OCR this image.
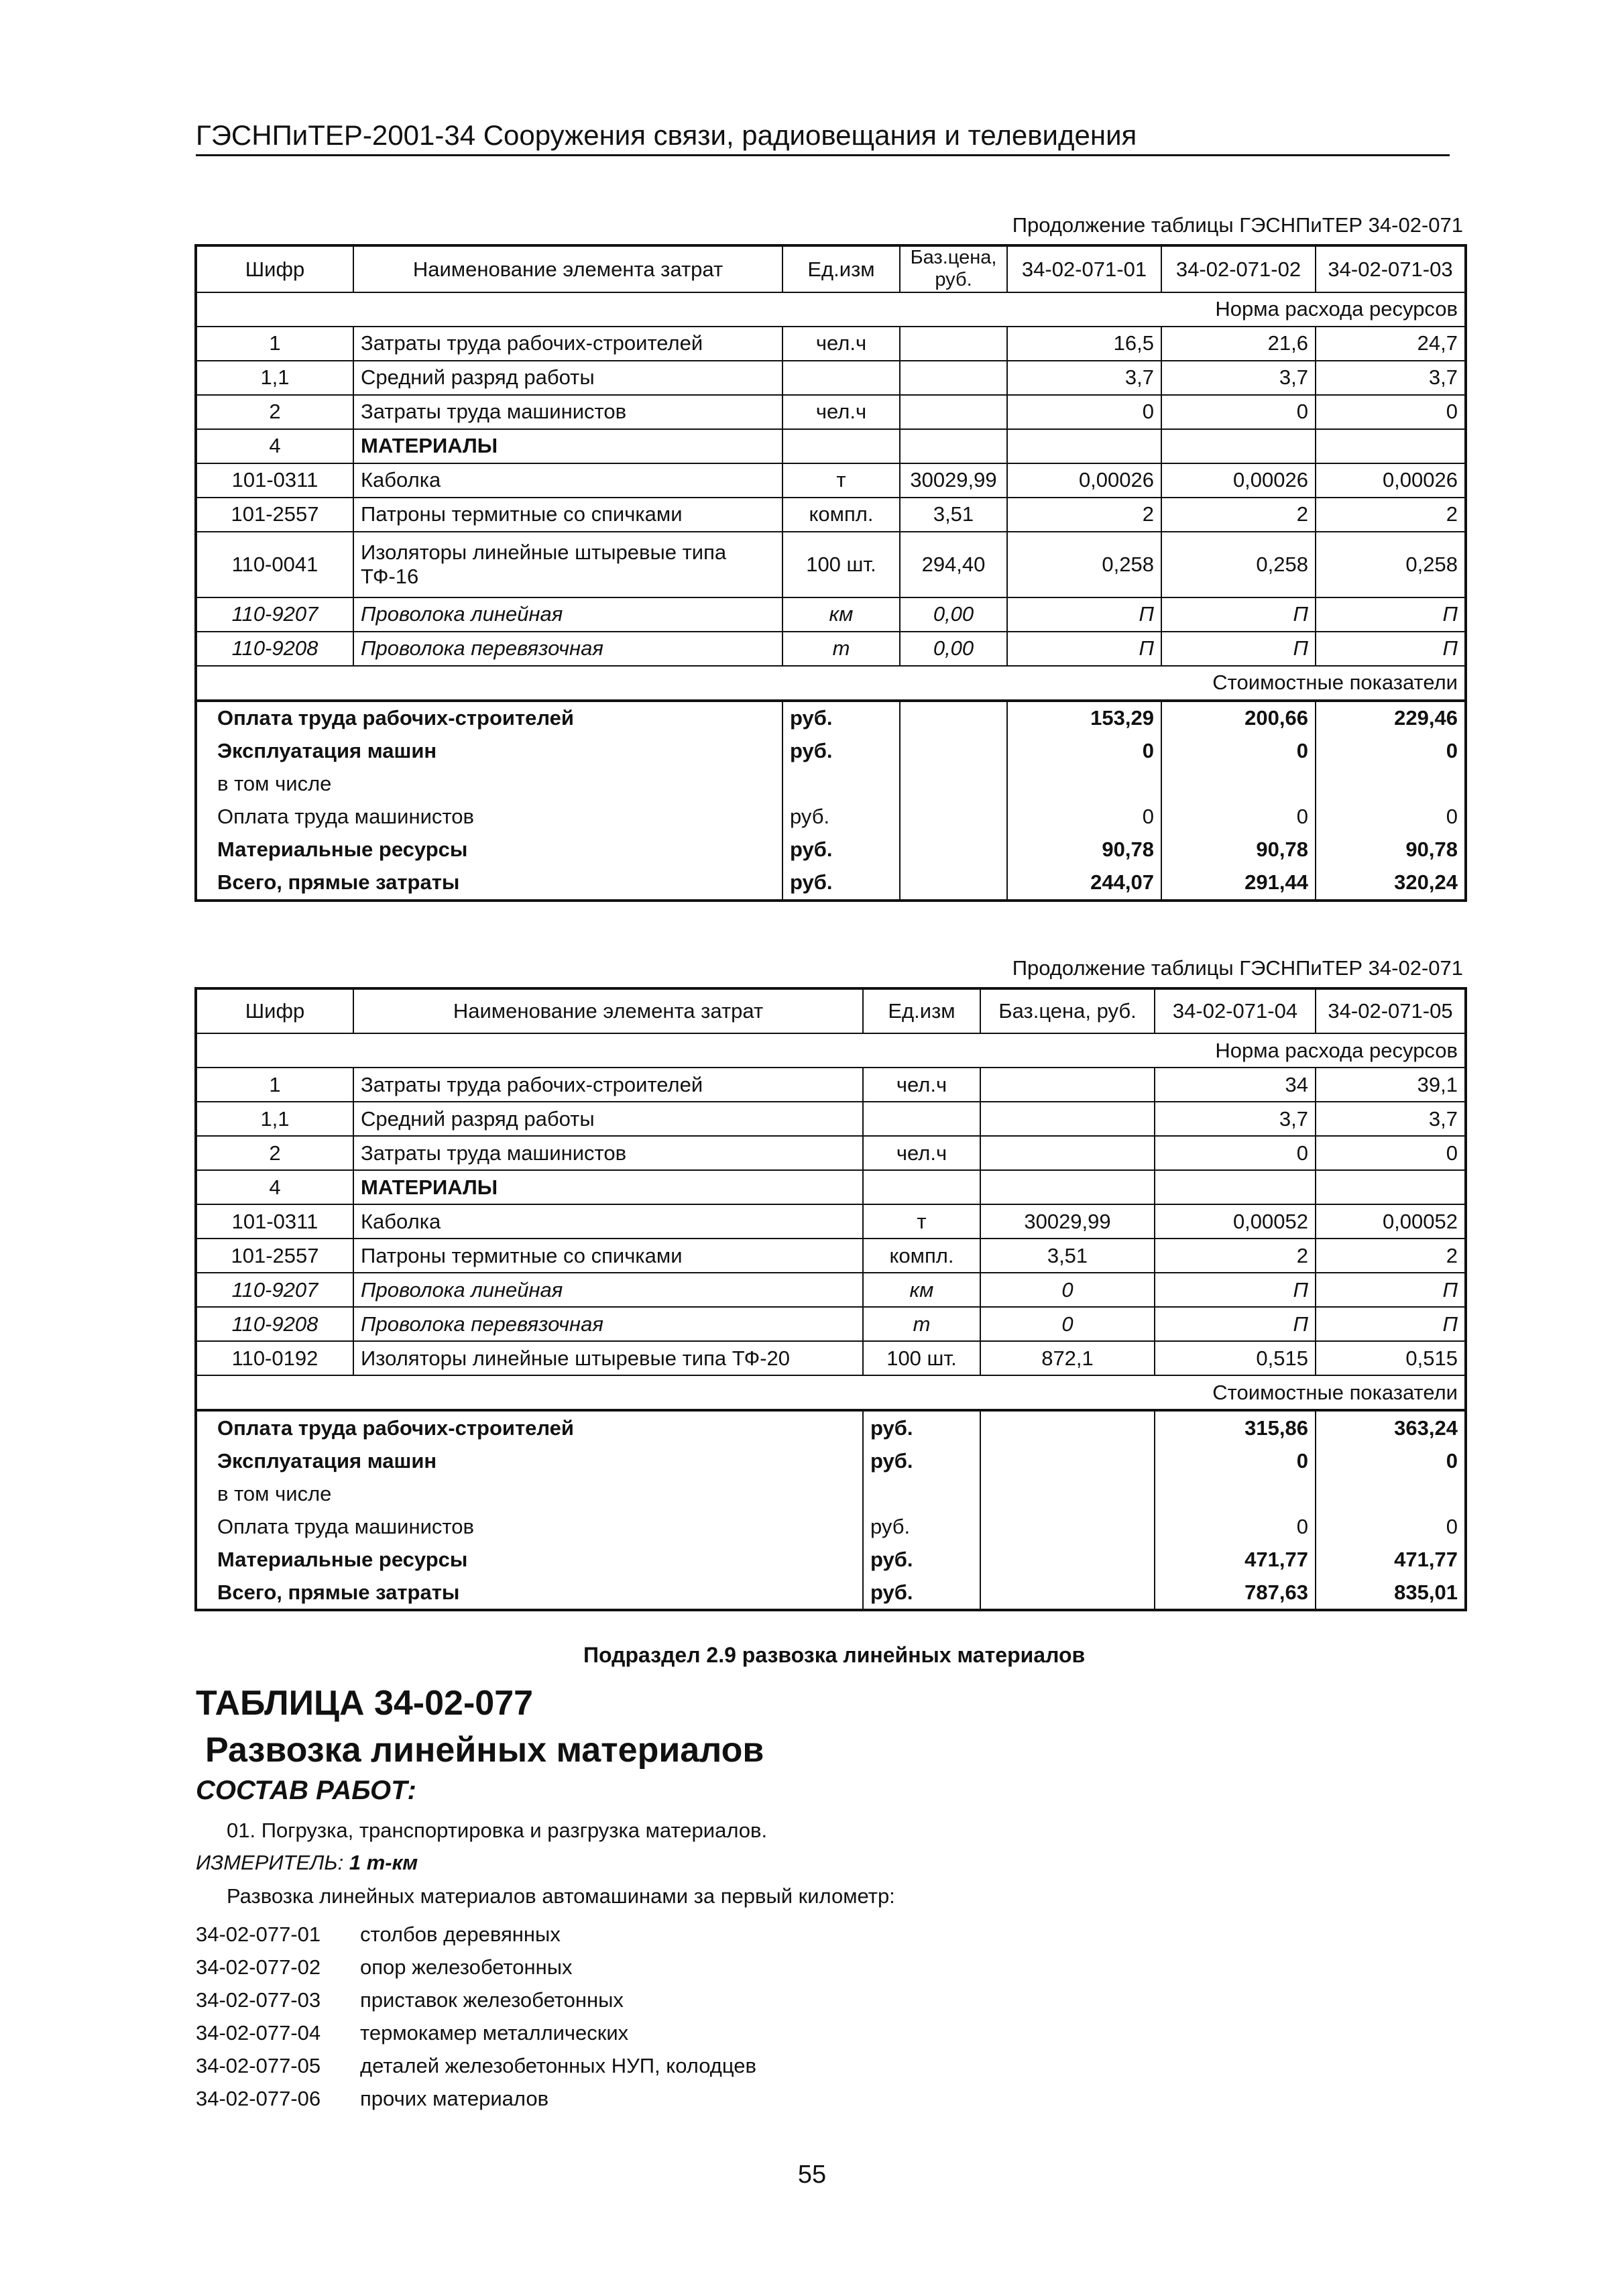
ГЭСНПиТЕР-2001-34 Сооружения связи, радиовещания и телевидения
Продолжение таблицы ГЭСНПиТЕР 34-02-071
Шифр	Наименование элемента затрат	Ед.изм	Баз.цена, руб.	34-02-071-01	34-02-071-02	34-02-071-03
Норма расхода ресурсов						
1	Затраты труда рабочих-строителей	чел.ч		16,5	21,6	24,7
1,1	Средний разряд работы			3,7	3,7	3,7
2	Затраты труда машинистов	чел.ч		0	0	0
4	МАТЕРИАЛЫ					
101-0311	Каболка	т	30029,99	0,00026	0,00026	0,00026
101-2557	Патроны термитные со спичками	компл.	3,51	2	2	2
110-0041	Изоляторы линейные штыревые типа ТФ-16	100 шт.	294,40	0,258	0,258	0,258
110-9207	Проволока линейная	км	0,00	П	П	П
110-9208	Проволока перевязочная	т	0,00	П	П	П
Стоимостные показатели						
Оплата труда рабочих-строителей		руб.		153,29	200,66	229,46
Эксплуатация машин		руб.		0	0	0
в том числе						
Оплата труда машинистов		руб.		0	0	0
Материальные ресурсы		руб.		90,78	90,78	90,78
Всего, прямые затраты		руб.		244,07	291,44	320,24
Продолжение таблицы ГЭСНПиТЕР 34-02-071
Шифр	Наименование элемента затрат	Ед.изм	Баз.цена, руб.	34-02-071-04	34-02-071-05
Норма расхода ресурсов					
1	Затраты труда рабочих-строителей	чел.ч		34	39,1
1,1	Средний разряд работы			3,7	3,7
2	Затраты труда машинистов	чел.ч		0	0
4	МАТЕРИАЛЫ				
101-0311	Каболка	т	30029,99	0,00052	0,00052
101-2557	Патроны термитные со спичками	компл.	3,51	2	2
110-9207	Проволока линейная	км	0	П	П
110-9208	Проволока перевязочная	т	0	П	П
110-0192	Изоляторы линейные штыревые типа ТФ-20	100 шт.	872,1	0,515	0,515
Стоимостные показатели					
Оплата труда рабочих-строителей		руб.		315,86	363,24
Эксплуатация машин		руб.		0	0
в том числе					
Оплата труда машинистов		руб.		0	0
Материальные ресурсы		руб.		471,77	471,77
Всего, прямые затраты		руб.		787,63	835,01
Подраздел 2.9 развозка линейных материалов
ТАБЛИЦА 34-02-077
Развозка линейных материалов
СОСТАВ РАБОТ:
01. Погрузка, транспортировка и разгрузка материалов.
ИЗМЕРИТЕЛЬ: 1 т-км
Развозка линейных материалов автомашинами за первый километр:
34-02-077-01	столбов деревянных
34-02-077-02	опор железобетонных
34-02-077-03	приставок железобетонных
34-02-077-04	термокамер металлических
34-02-077-05	деталей железобетонных НУП, колодцев
34-02-077-06	прочих материалов
55
